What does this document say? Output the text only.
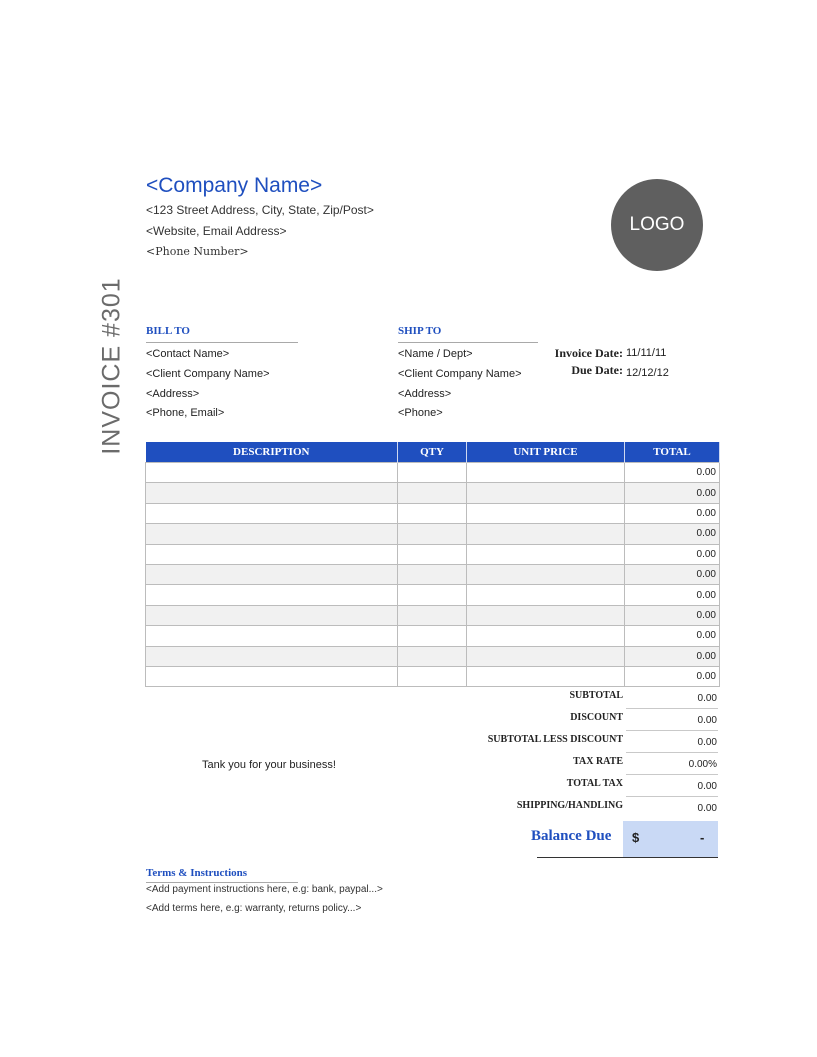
<Company Name>
<123 Street Address, City, State, Zip/Post>
<Website, Email Address>
<Phone Number>
LOGO
INVOICE #301 BILL TO
<Contact Name>
<Client Company Name>
<Address>
<Phone, Email>
SHIP TO
<Name / Dept>
<Client Company Name>
<Address>
<Phone>
Invoice Date: 11/11/11
Due Date: 12/12/12
DESCRIPTION	QTY	UNIT PRICE	TOTAL
			0.00
			0.00
			0.00
			0.00
			0.00
			0.00
			0.00
			0.00
			0.00
			0.00
			0.00
SUBTOTAL	0.00
DISCOUNT	0.00
SUBTOTAL LESS DISCOUNT	0.00
TAX RATE	0.00%
TOTAL TAX	0.00
SHIPPING/HANDLING	0.00
Tank you for your business!
Balance Due $	-
Terms & Instructions
<Add payment instructions here, e.g: bank, paypal...>
<Add terms here, e.g: warranty, returns policy...>
